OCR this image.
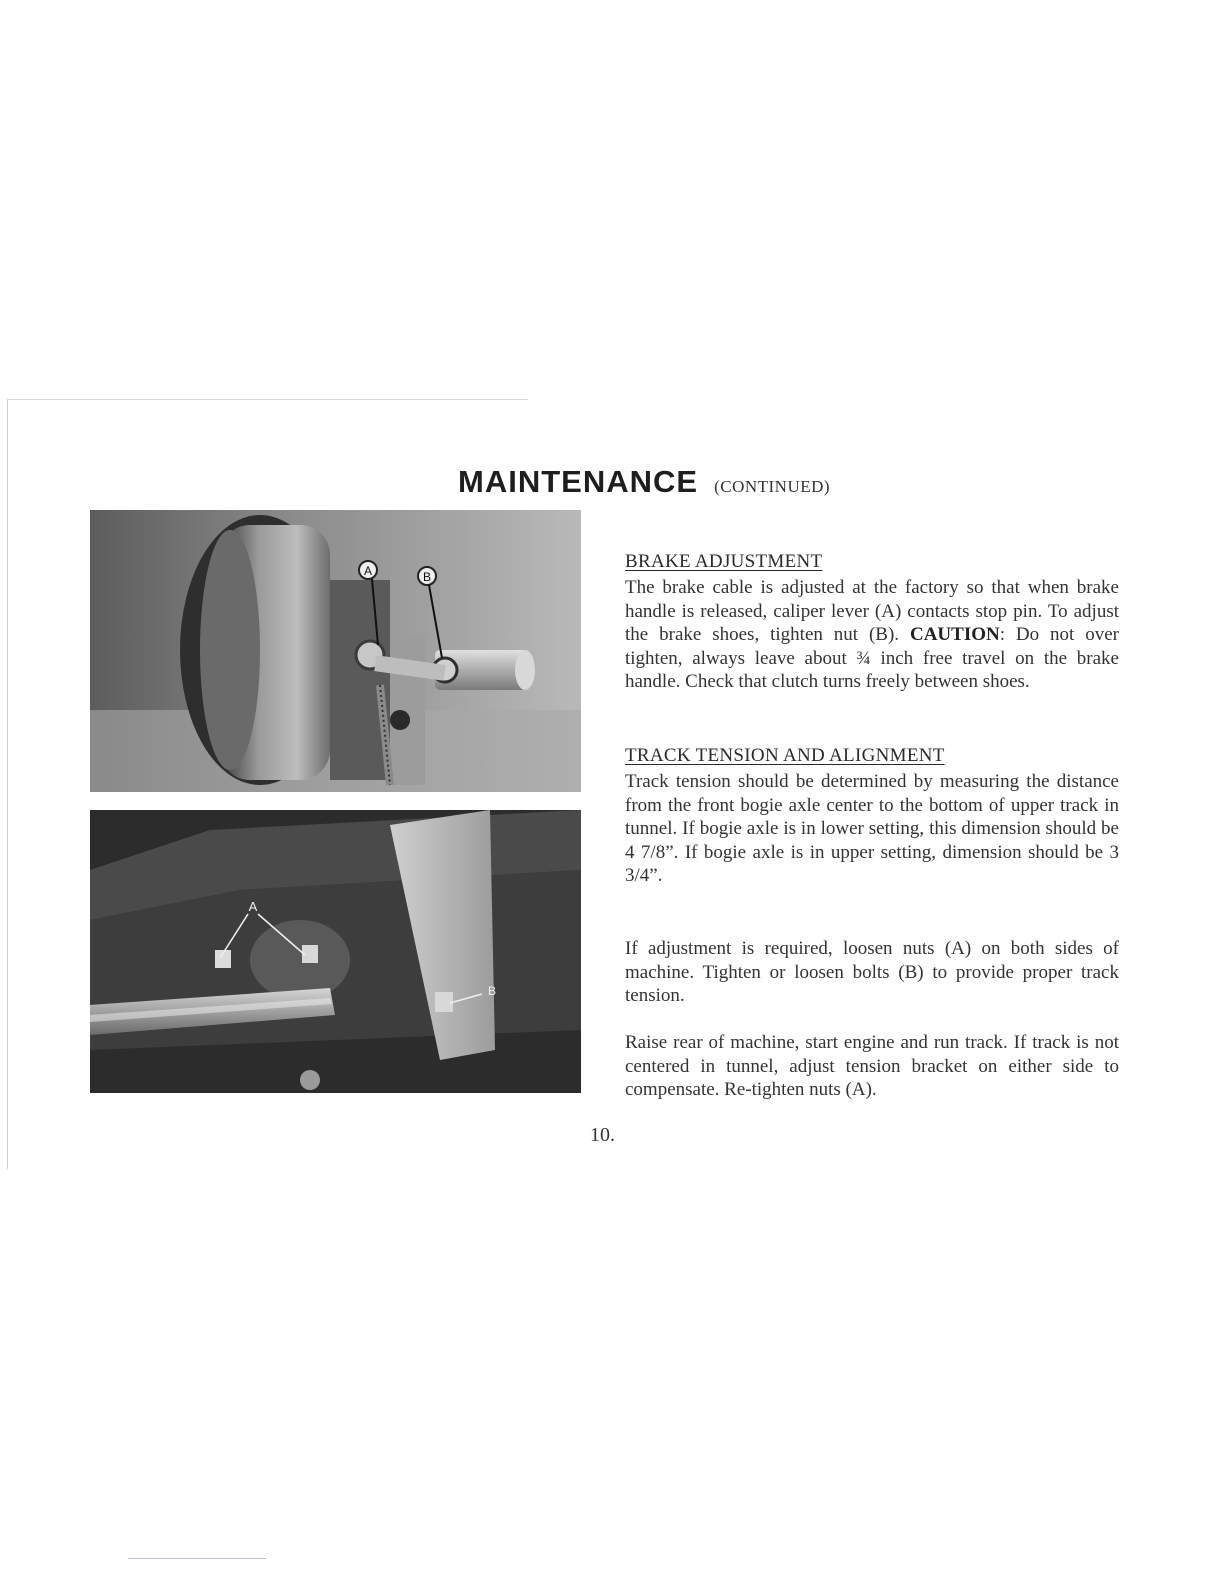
MAINTENANCE (CONTINUED)
A	B
A
B
BRAKE ADJUSTMENT

The brake cable is adjusted at the factory so that when brake handle is released, caliper lever (A) contacts stop pin. To adjust the brake shoes, tighten nut (B). CAUTION: Do not over tighten, always leave about ¾ inch free travel on the brake handle. Check that clutch turns freely between shoes.

TRACK TENSION AND ALIGNMENT

Track tension should be determined by measuring the distance from the front bogie axle center to the bottom of upper track in tunnel. If bogie axle is in lower setting, this dimension should be 4 7/8”. If bogie axle is in upper setting, dimension should be 3 3/4”.

If adjustment is required, loosen nuts (A) on both sides of machine. Tighten or loosen bolts (B) to provide proper track tension.

Raise rear of machine, start engine and run track. If track is not centered in tunnel, adjust tension bracket on either side to compensate. Re-tighten nuts (A).

10.
